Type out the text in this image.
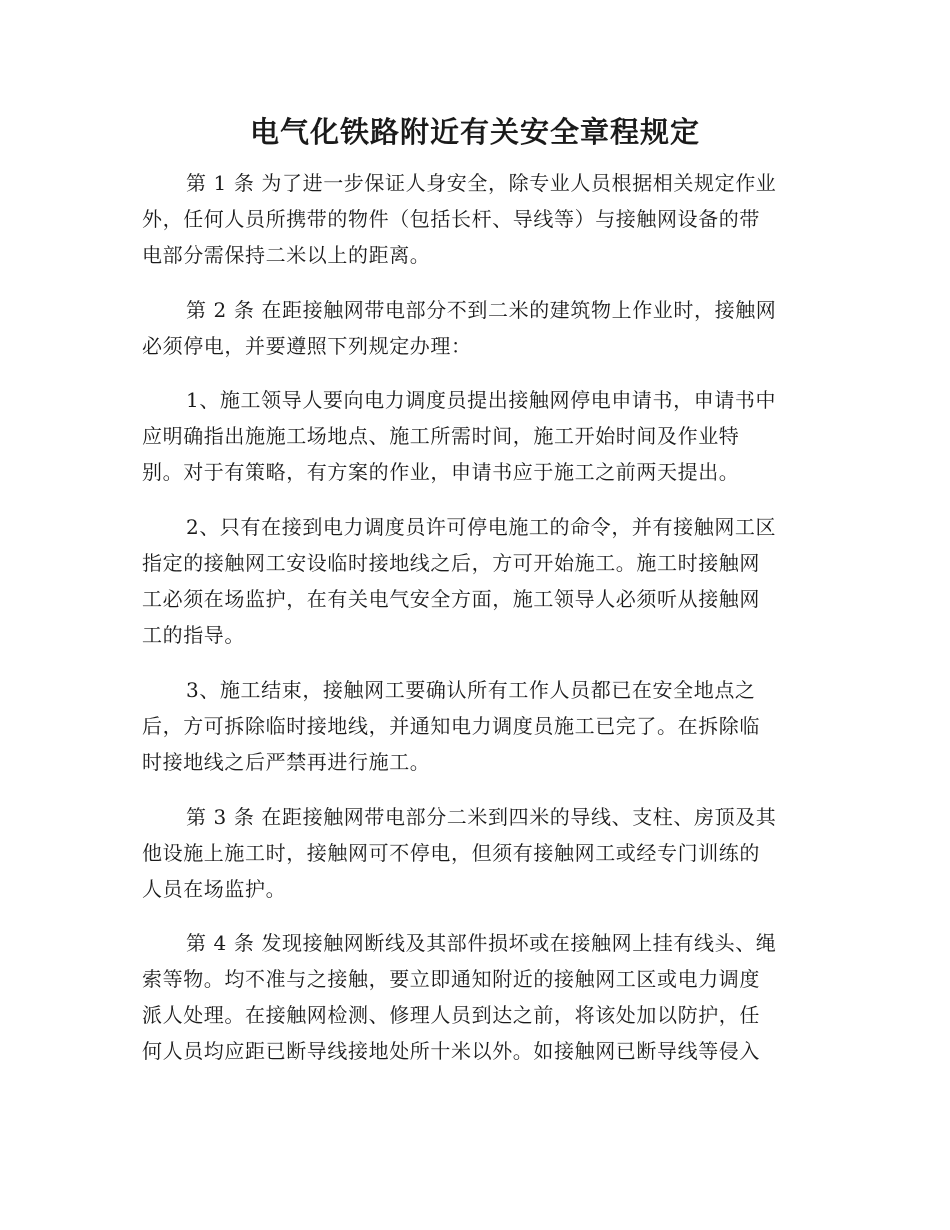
电气化铁路附近有关安全章程规定
第 1 条 为了进一步保证人身安全，除专业人员根据相关规定作业
外，任何人员所携带的物件（包括长杆、导线等）与接触网设备的带
电部分需保持二米以上的距离。
第 2 条 在距接触网带电部分不到二米的建筑物上作业时，接触网
必须停电，并要遵照下列规定办理：
1、施工领导人要向电力调度员提出接触网停电申请书，申请书中
应明确指出施施工场地点、施工所需时间，施工开始时间及作业特
别。对于有策略，有方案的作业，申请书应于施工之前两天提出。
2、只有在接到电力调度员许可停电施工的命令，并有接触网工区
指定的接触网工安设临时接地线之后，方可开始施工。施工时接触网
工必须在场监护，在有关电气安全方面，施工领导人必须听从接触网
工的指导。
3、施工结束，接触网工要确认所有工作人员都已在安全地点之
后，方可拆除临时接地线，并通知电力调度员施工已完了。在拆除临
时接地线之后严禁再进行施工。
第 3 条 在距接触网带电部分二米到四米的导线、支柱、房顶及其
他设施上施工时，接触网可不停电，但须有接触网工或经专门训练的
人员在场监护。
第 4 条 发现接触网断线及其部件损坏或在接触网上挂有线头、绳
索等物。均不准与之接触，要立即通知附近的接触网工区或电力调度
派人处理。在接触网检测、修理人员到达之前，将该处加以防护，任
何人员均应距已断导线接地处所十米以外。如接触网已断导线等侵入
